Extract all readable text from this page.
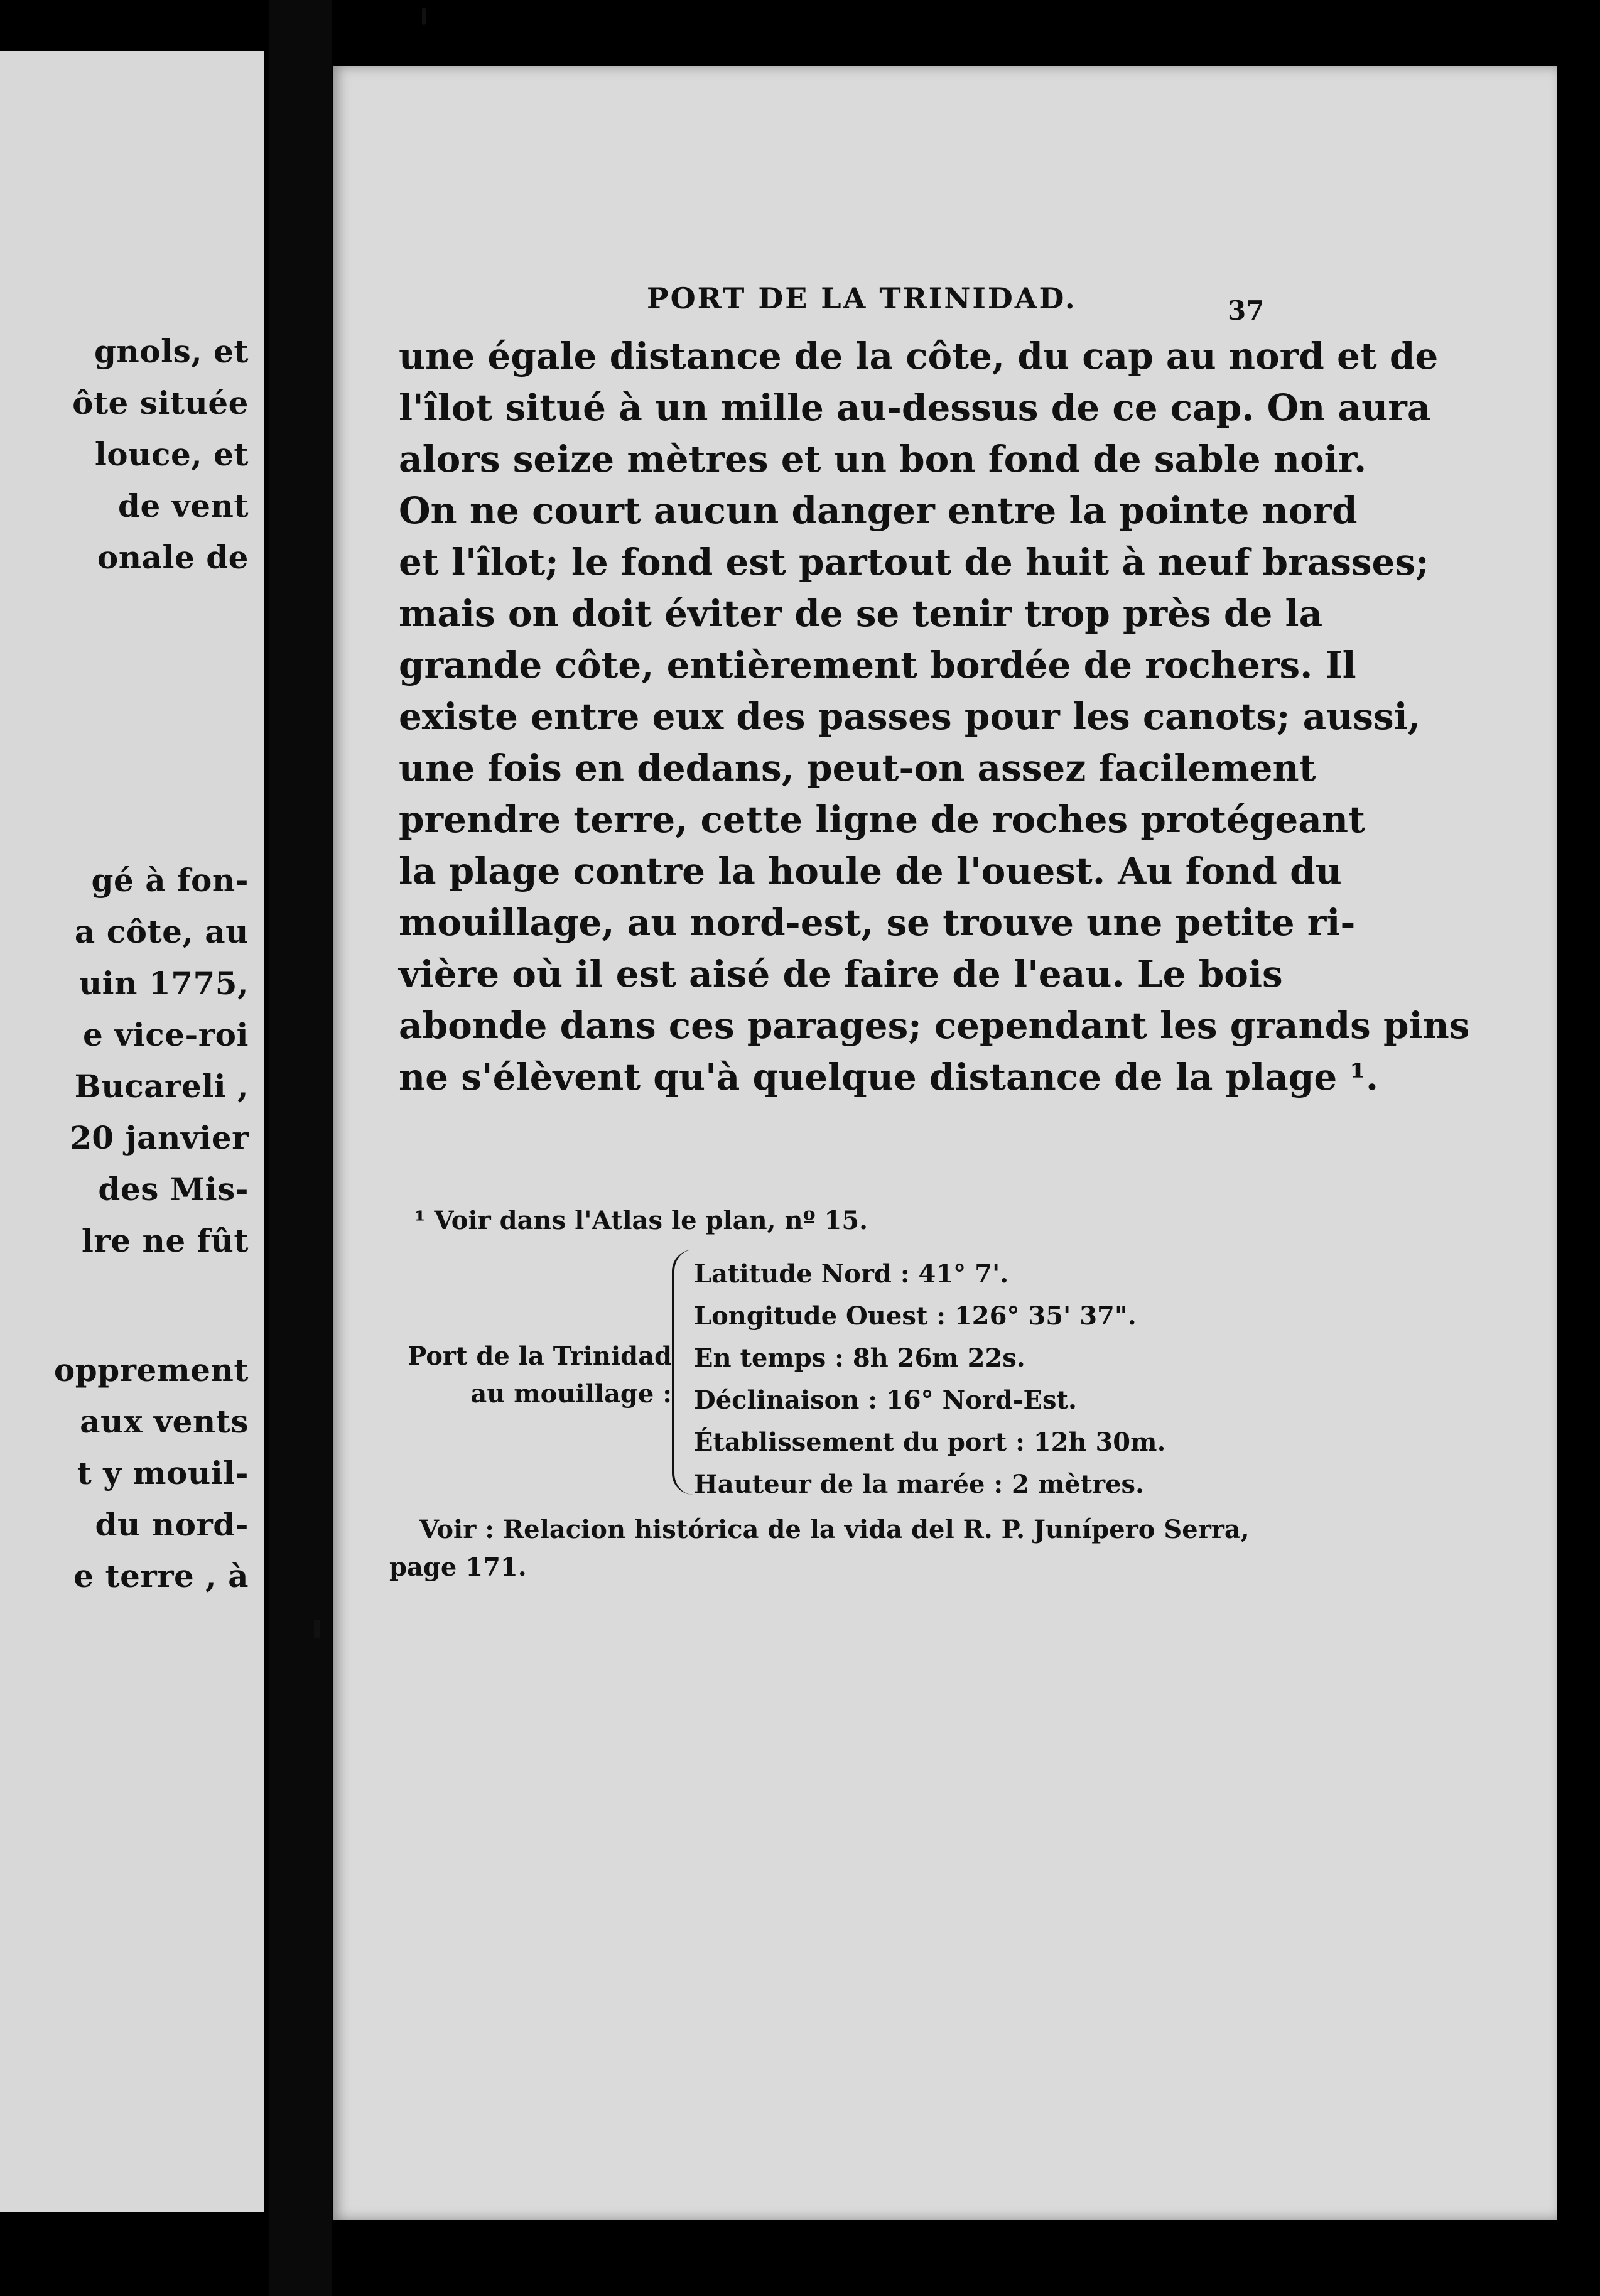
gnols, et
ôte située
louce, et
de vent
onale de
gé à fon-
a côte, au
uin 1775,
e vice-roi
Bucareli ,
20 janvier
des Mis-
lre ne fût
opprement
aux vents
t y mouil-
du nord-
e terre , à
PORT DE LA TRINIDAD.	37
une égale distance de la côte, du cap au nord et de
l'îlot situé à un mille au-dessus de ce cap. On aura
alors seize mètres et un bon fond de sable noir.
On ne court aucun danger entre la pointe nord
et l'îlot; le fond est partout de huit à neuf brasses;
mais on doit éviter de se tenir trop près de la
grande côte, entièrement bordée de rochers. Il
existe entre eux des passes pour les canots; aussi,
une fois en dedans, peut-on assez facilement
prendre terre, cette ligne de roches protégeant
la plage contre la houle de l'ouest. Au fond du
mouillage, au nord-est, se trouve une petite ri-
vière où il est aisé de faire de l'eau. Le bois
abonde dans ces parages; cependant les grands pins
ne s'élèvent qu'à quelque distance de la plage ¹.
¹ Voir dans l'Atlas le plan, nº 15.
Port de la Trinidad
au mouillage :
Latitude Nord : 41° 7'.
Longitude Ouest : 126° 35' 37".
En temps : 8h 26m 22s.
Déclinaison : 16° Nord-Est.
Établissement du port : 12h 30m.
Hauteur de la marée : 2 mètres.
Voir : Relacion histórica de la vida del R. P. Junípero Serra,
page 171.
